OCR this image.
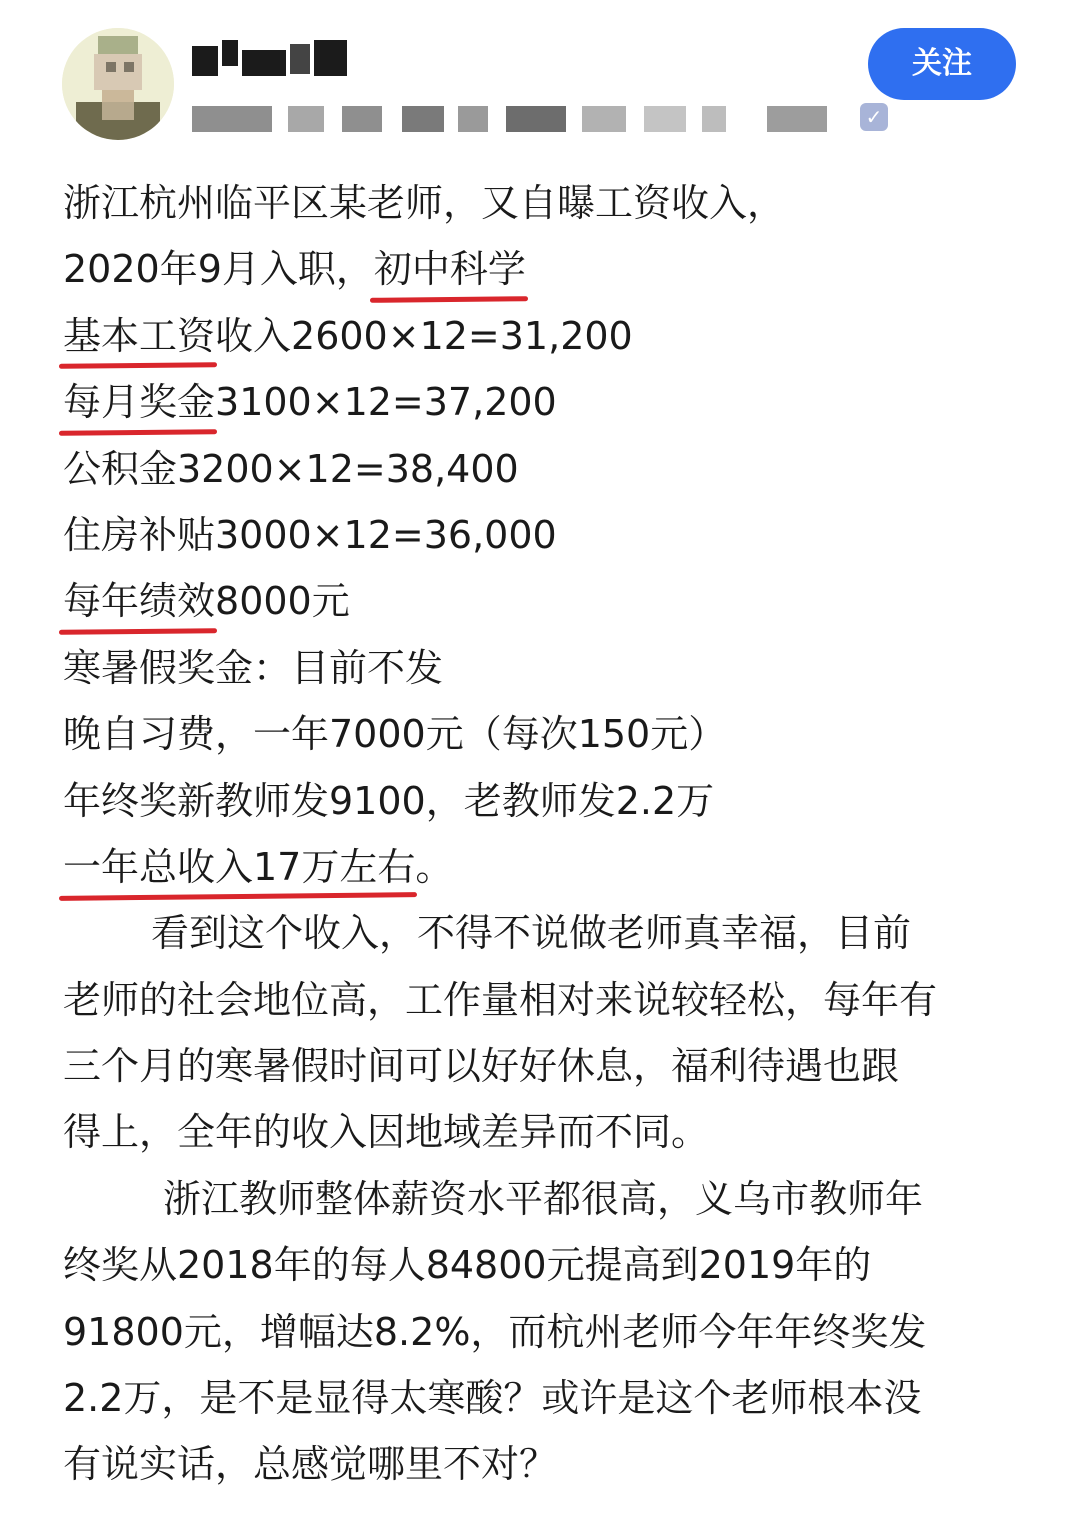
✓
关注
浙江杭州临平区某老师，又自曝工资收入，
2020年9月入职，初中科学
基本工资收入2600×12=31,200
每月奖金3100×12=37,200
公积金3200×12=38,400
住房补贴3000×12=36,000
每年绩效8000元
寒暑假奖金：目前不发
晚自习费，一年7000元（每次150元）
年终奖新教师发9100，老教师发2.2万
一年总收入17万左右。
看到这个收入，不得不说做老师真幸福，目前
老师的社会地位高，工作量相对来说较轻松，每年有
三个月的寒暑假时间可以好好休息，福利待遇也跟
得上，全年的收入因地域差异而不同。
浙江教师整体薪资水平都很高，义乌市教师年
终奖从2018年的每人84800元提高到2019年的
91800元，增幅达8.2%，而杭州老师今年年终奖发
2.2万，是不是显得太寒酸？或许是这个老师根本没
有说实话，总感觉哪里不对？
